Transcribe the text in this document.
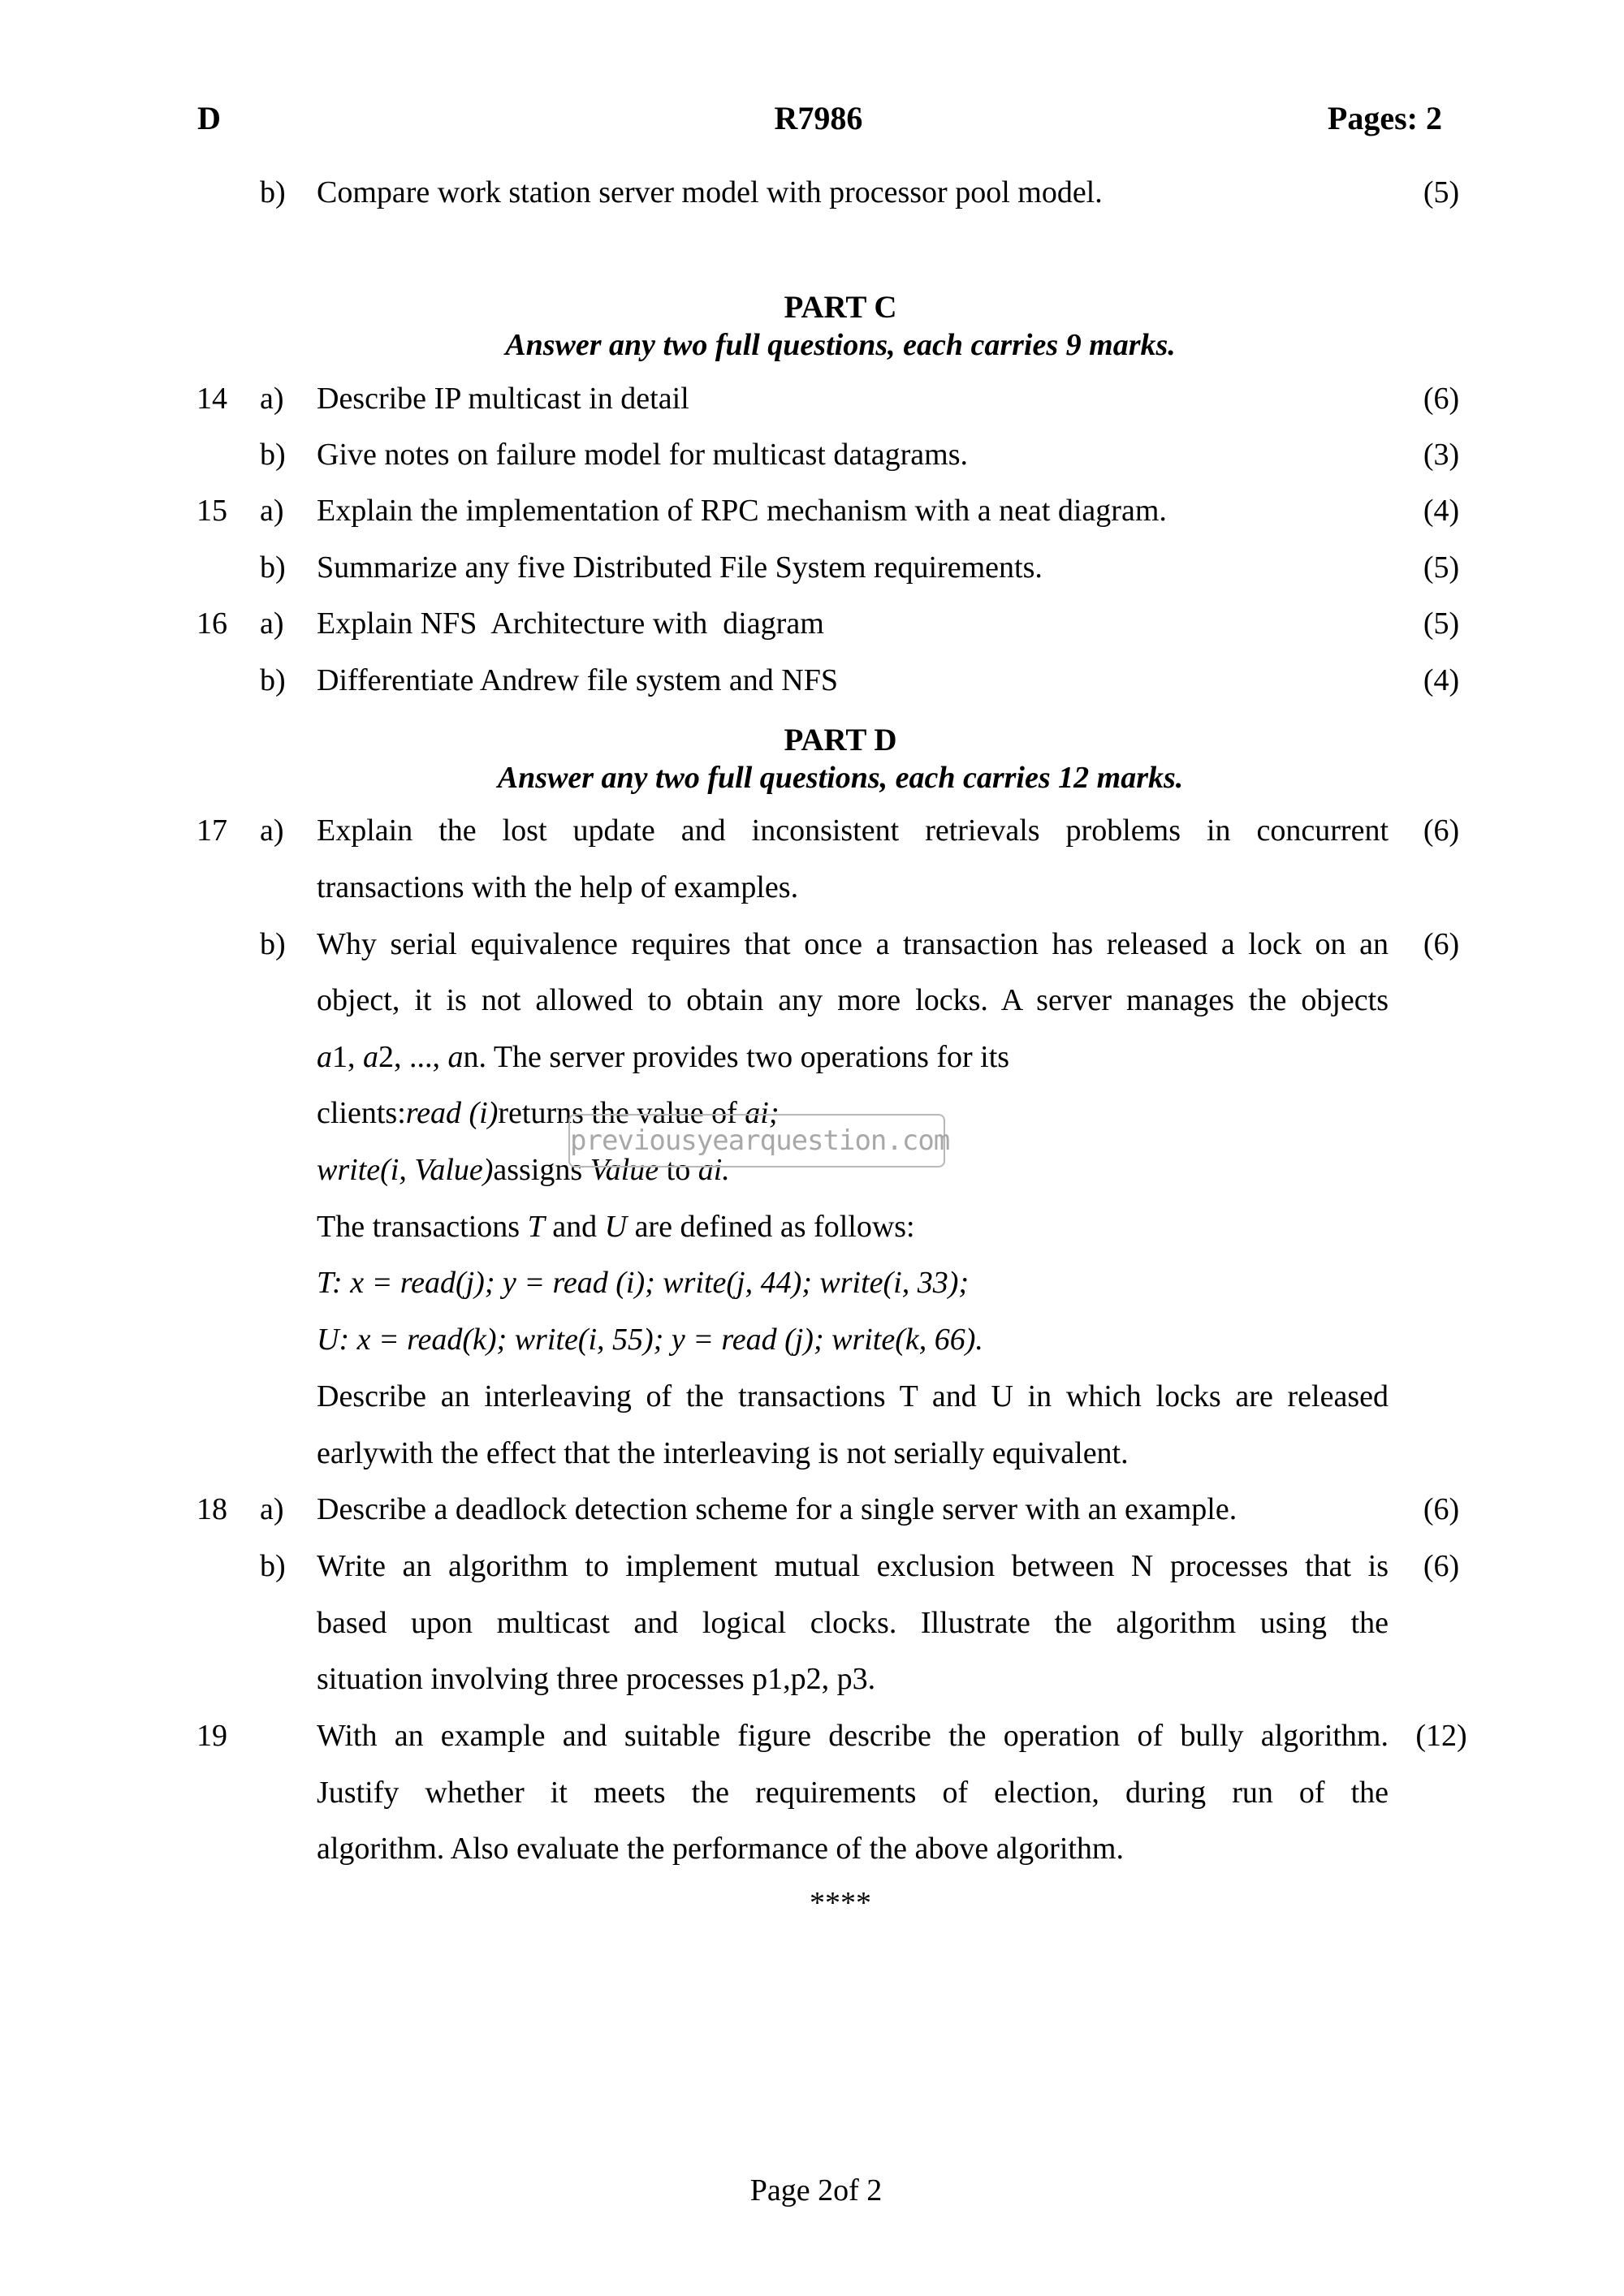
D	R7986	Pages: 2
b)	Compare work station server model with processor pool model.	(5)
PART C
Answer any two full questions, each carries 9 marks.
14	a)	Describe IP multicast in detail	(6)
b)	Give notes on failure model for multicast datagrams.	(3)
15	a)	Explain the implementation of RPC mechanism with a neat diagram.	(4)
b)	Summarize any five Distributed File System requirements.	(5)
16	a)	Explain NFS  Architecture with  diagram	(5)
b)	Differentiate Andrew file system and NFS	(4)
PART D
Answer any two full questions, each carries 12 marks.
17	a)	Explain the lost update and inconsistent retrievals problems in concurrent	(6)
transactions with the help of examples.
b)	Why serial equivalence requires that once a transaction has released a lock on an	(6)
object, it is not allowed to obtain any more locks. A server manages the objects
a1, a2, ..., an. The server provides two operations for its
clients:read (i)returns the value of ai;
write(i, Value)assigns Value to ai.
The transactions T and U are defined as follows:
T: x = read(j); y = read (i); write(j, 44); write(i, 33);
U: x = read(k); write(i, 55); y = read (j); write(k, 66).
Describe an interleaving of the transactions T and U in which locks are released
earlywith the effect that the interleaving is not serially equivalent.
18	a)	Describe a deadlock detection scheme for a single server with an example.	(6)
b)	Write an algorithm to implement mutual exclusion between N processes that is	(6)
based upon multicast and logical clocks. Illustrate the algorithm using the
situation involving three processes p1,p2, p3.
19	With an example and suitable figure describe the operation of bully algorithm. (12)
Justify whether it meets the requirements of election, during run of the
algorithm. Also evaluate the performance of the above algorithm.
previousyearquestion.com
****
Page 2of 2
